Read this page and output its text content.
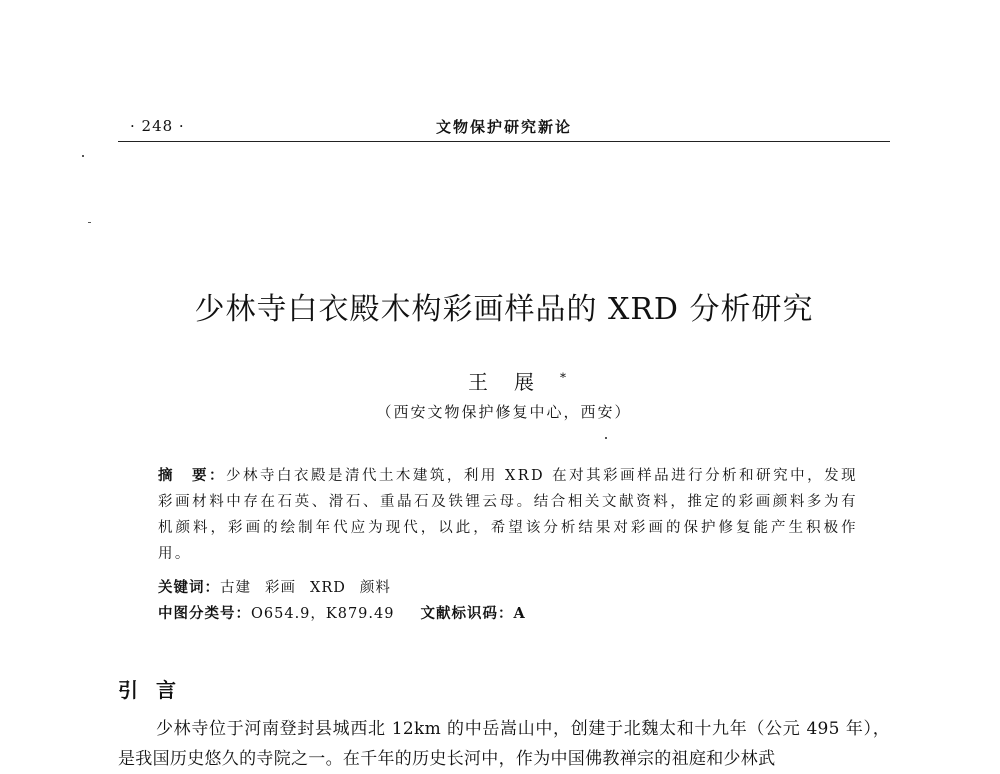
· 248 ·	文物保护研究新论
少林寺白衣殿木构彩画样品的 XRD 分析研究
王展*
（西安文物保护修复中心，西安）
摘　要：少林寺白衣殿是清代土木建筑，利用 XRD 在对其彩画样品进行分析和研究中，发现彩画材料中存在石英、滑石、重晶石及铁锂云母。结合相关文献资料，推定的彩画颜料多为有机颜料，彩画的绘制年代应为现代，以此，希望该分析结果对彩画的保护修复能产生积极作用。
关键词：古建 彩画 XRD 颜料
中图分类号：O654.9，K879.49 文献标识码：A
引言
少林寺位于河南登封县城西北 12km 的中岳嵩山中，创建于北魏太和十九年（公元 495 年），是我国历史悠久的寺院之一。在千年的历史长河中，作为中国佛教禅宗的祖庭和少林武
